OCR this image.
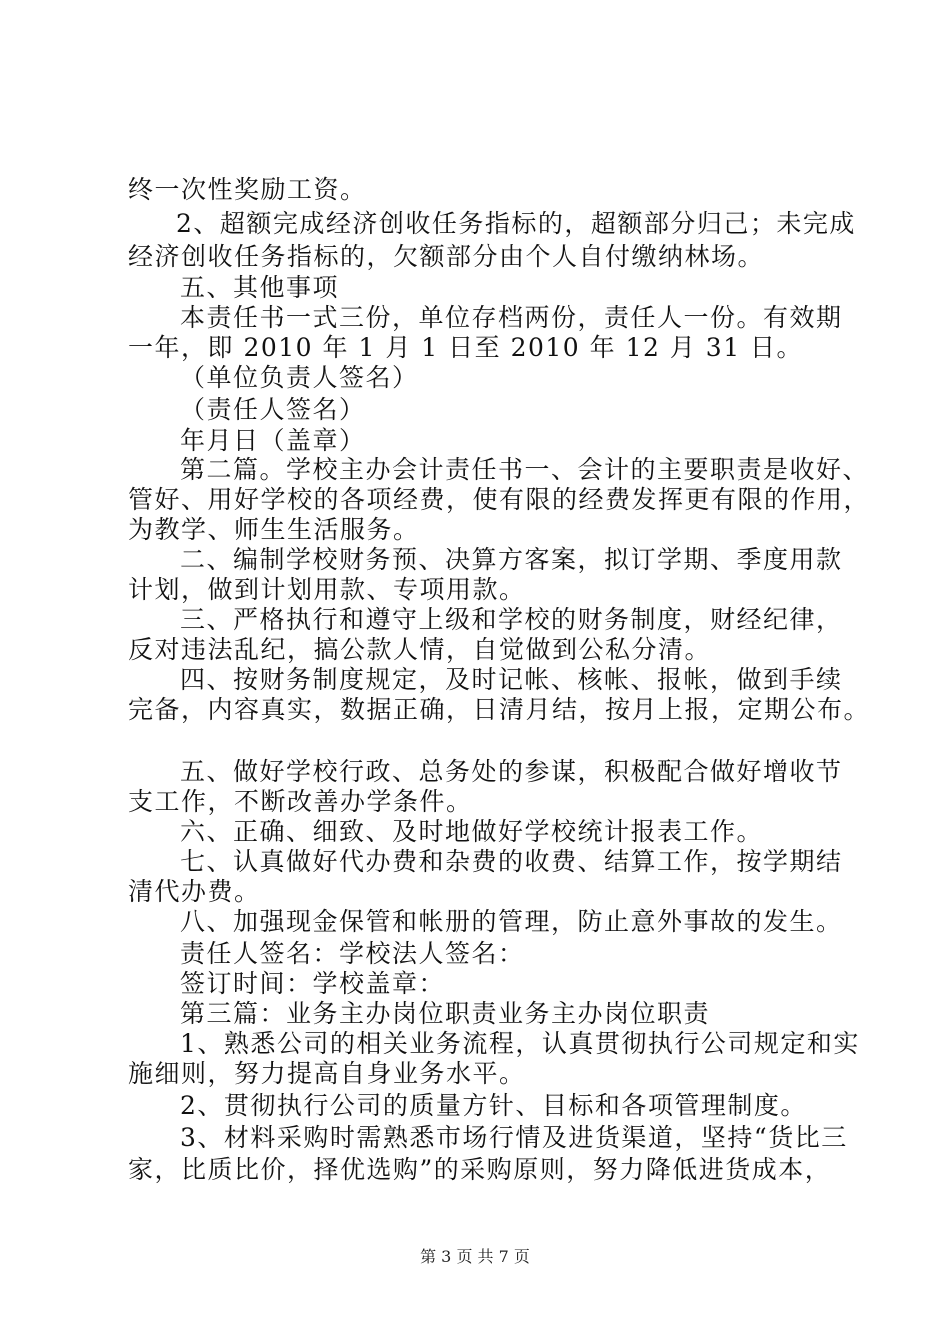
终一次性奖励工资。
2、超额完成经济创收任务指标的，超额部分归己；未完成
经济创收任务指标的，欠额部分由个人自付缴纳林场。
五、其他事项
本责任书一式三份，单位存档两份，责任人一份。有效期
一年，即 2010 年 1 月 1 日至 2010 年 12 月 31 日。
（单位负责人签名）
（责任人签名）
年月日（盖章）
第二篇。学校主办会计责任书一、会计的主要职责是收好、
管好、用好学校的各项经费，使有限的经费发挥更有限的作用，
为教学、师生生活服务。
二、编制学校财务预、决算方客案，拟订学期、季度用款
计划，做到计划用款、专项用款。
三、严格执行和遵守上级和学校的财务制度，财经纪律，
反对违法乱纪，搞公款人情，自觉做到公私分清。
四、按财务制度规定，及时记帐、核帐、报帐，做到手续
完备，内容真实，数据正确，日清月结，按月上报，定期公布。
五、做好学校行政、总务处的参谋，积极配合做好增收节
支工作，不断改善办学条件。
六、正确、细致、及时地做好学校统计报表工作。
七、认真做好代办费和杂费的收费、结算工作，按学期结
清代办费。
八、加强现金保管和帐册的管理，防止意外事故的发生。
责任人签名：学校法人签名：
签订时间：学校盖章：
第三篇：业务主办岗位职责业务主办岗位职责
1、熟悉公司的相关业务流程，认真贯彻执行公司规定和实
施细则，努力提高自身业务水平。
2、贯彻执行公司的质量方针、目标和各项管理制度。
3、材料采购时需熟悉市场行情及进货渠道，坚持“货比三
家，比质比价，择优选购”的采购原则，努力降低进货成本，
第 3 页 共 7 页
